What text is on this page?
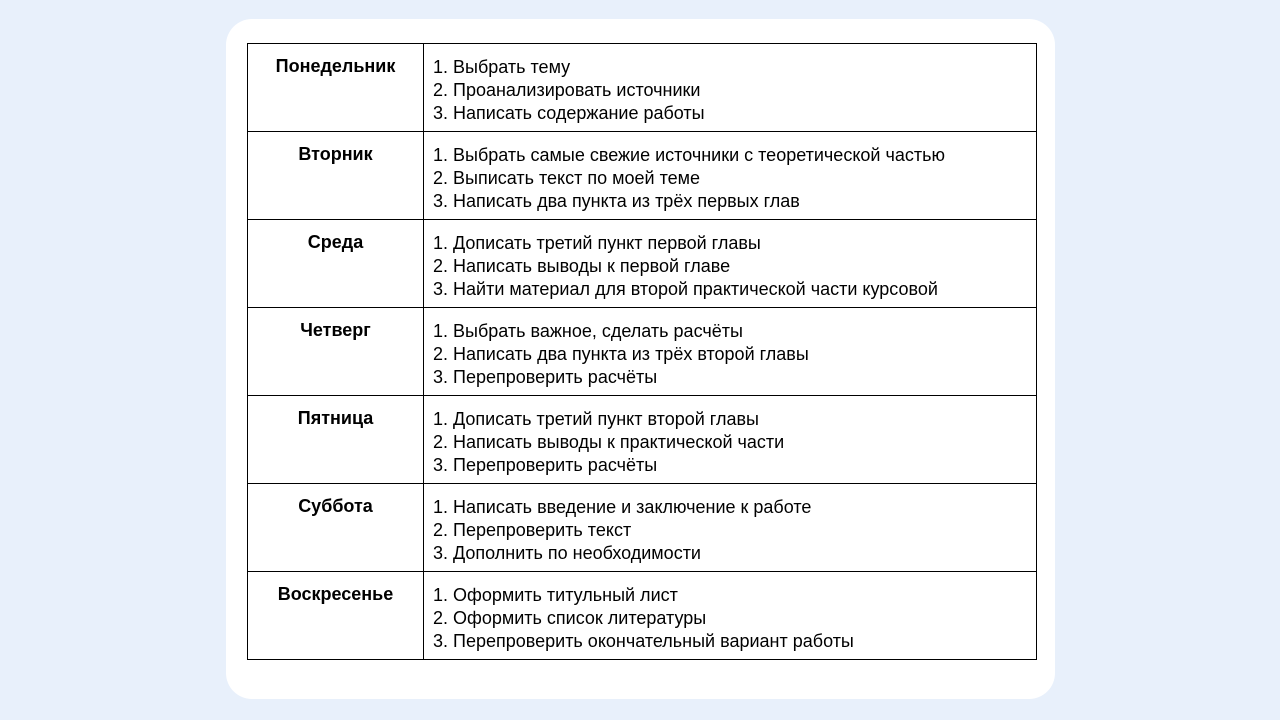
Понедельник	1. Выбрать тему
2. Проанализировать источники
3. Написать содержание работы

Вторник	1. Выбрать самые свежие источники с теоретической частью
2. Выписать текст по моей теме
3. Написать два пункта из трёх первых глав

Среда	1. Дописать третий пункт первой главы
2. Написать выводы к первой главе
3. Найти материал для второй практической части курсовой

Четверг	1. Выбрать важное, сделать расчёты
2. Написать два пункта из трёх второй главы
3. Перепроверить расчёты

Пятница	1. Дописать третий пункт второй главы
2. Написать выводы к практической части
3. Перепроверить расчёты

Суббота	1. Написать введение и заключение к работе
2. Перепроверить текст
3. Дополнить по необходимости

Воскресенье	1. Оформить титульный лист
2. Оформить список литературы
3. Перепроверить окончательный вариант работы
